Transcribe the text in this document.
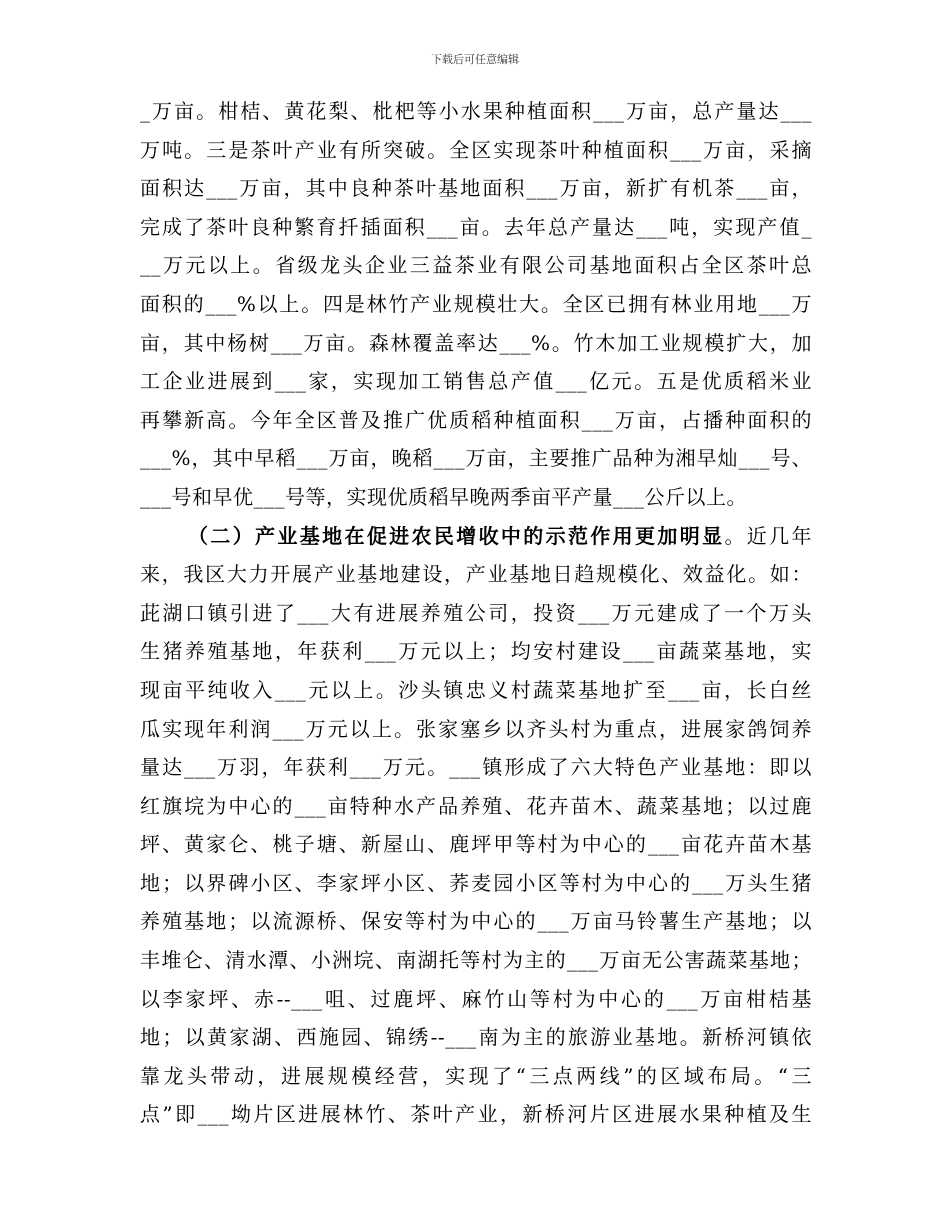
下载后可任意编辑
_万亩。柑桔、黄花梨、枇杷等小水果种植面积___万亩，总产量达___
万吨。三是茶叶产业有所突破。全区实现茶叶种植面积___万亩，采摘
面积达___万亩，其中良种茶叶基地面积___万亩，新扩有机茶___亩，
完成了茶叶良种繁育扦插面积___亩。去年总产量达___吨，实现产值_
__万元以上。省级龙头企业三益茶业有限公司基地面积占全区茶叶总
面积的___%以上。四是林竹产业规模壮大。全区已拥有林业用地___万
亩，其中杨树___万亩。森林覆盖率达___%。竹木加工业规模扩大，加
工企业进展到___家，实现加工销售总产值___亿元。五是优质稻米业
再攀新高。今年全区普及推广优质稻种植面积___万亩，占播种面积的
___%，其中早稻___万亩，晚稻___万亩，主要推广品种为湘早灿___号、
___号和早优___号等，实现优质稻早晚两季亩平产量___公斤以上。
（二）产业基地在促进农民增收中的示范作用更加明显。近几年
来，我区大力开展产业基地建设，产业基地日趋规模化、效益化。如：
茈湖口镇引进了___大有进展养殖公司，投资___万元建成了一个万头
生猪养殖基地，年获利___万元以上；均安村建设___亩蔬菜基地，实
现亩平纯收入___元以上。沙头镇忠义村蔬菜基地扩至___亩，长白丝
瓜实现年利润___万元以上。张家塞乡以齐头村为重点，进展家鸽饲养
量达___万羽，年获利___万元。___镇形成了六大特色产业基地：即以
红旗垸为中心的___亩特种水产品养殖、花卉苗木、蔬菜基地；以过鹿
坪、黄家仑、桃子塘、新屋山、鹿坪甲等村为中心的___亩花卉苗木基
地；以界碑小区、李家坪小区、荞麦园小区等村为中心的___万头生猪
养殖基地；以流源桥、保安等村为中心的___万亩马铃薯生产基地；以
丰堆仑、清水潭、小洲垸、南湖托等村为主的___万亩无公害蔬菜基地；
以李家坪、赤--___咀、过鹿坪、麻竹山等村为中心的___万亩柑桔基
地；以黄家湖、西施园、锦绣--___南为主的旅游业基地。新桥河镇依
靠龙头带动，进展规模经营，实现了“三点两线”的区域布局。“三
点”即___坳片区进展林竹、茶叶产业，新桥河片区进展水果种植及生
